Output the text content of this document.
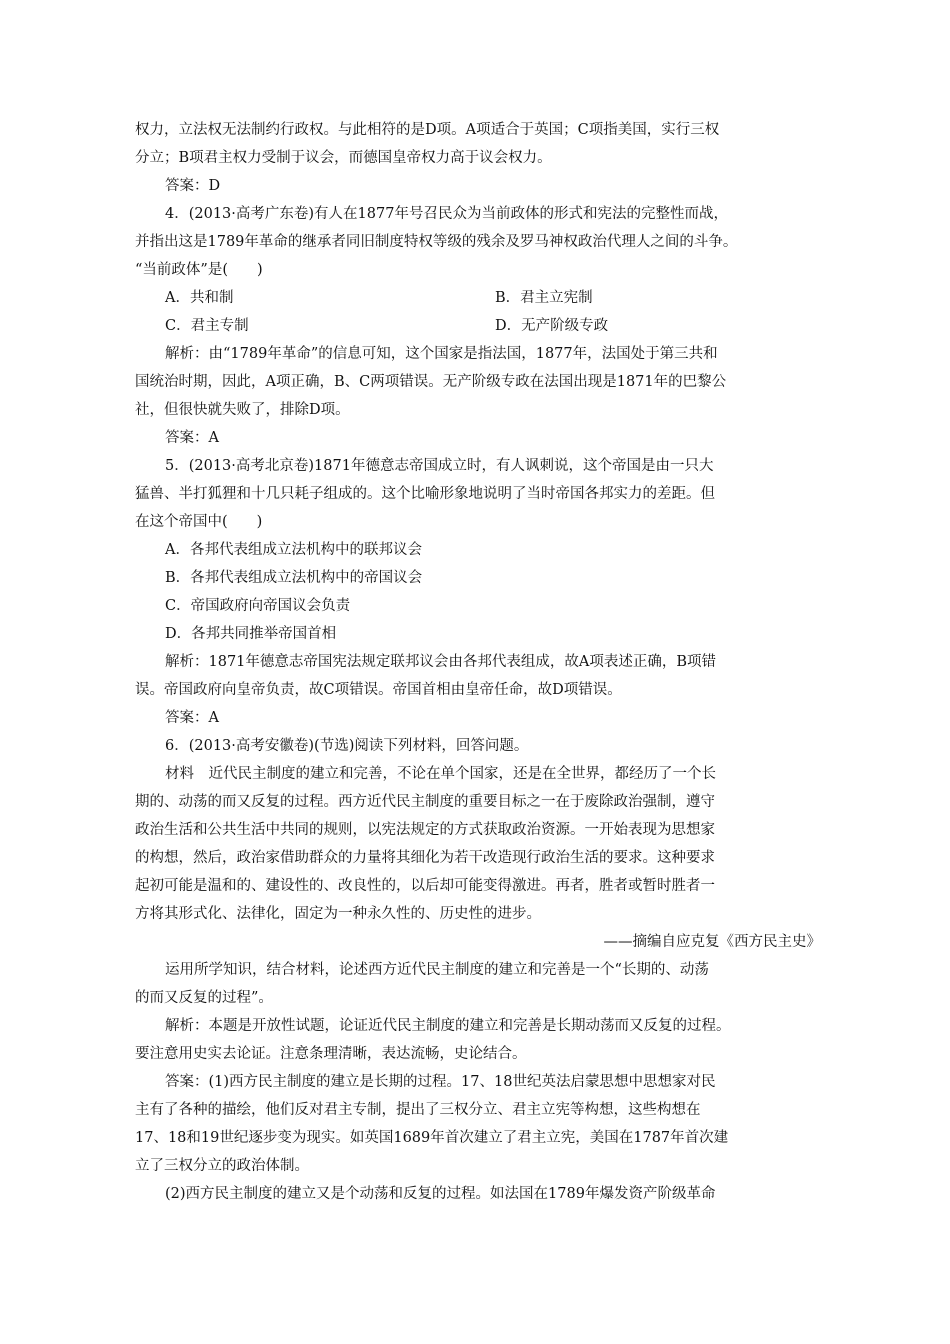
权力，立法权无法制约行政权。与此相符的是D项。A项适合于英国；C项指美国，实行三权
分立；B项君主权力受制于议会，而德国皇帝权力高于议会权力。
答案：D
4．(2013·高考广东卷)有人在1877年号召民众为当前政体的形式和宪法的完整性而战，
并指出这是1789年革命的继承者同旧制度特权等级的残余及罗马神权政治代理人之间的斗争。
“当前政体”是(　　)
A．共和制	B．君主立宪制
C．君主专制	D．无产阶级专政
解析：由“1789年革命”的信息可知，这个国家是指法国，1877年，法国处于第三共和
国统治时期，因此，A项正确，B、C两项错误。无产阶级专政在法国出现是1871年的巴黎公
社，但很快就失败了，排除D项。
答案：A
5．(2013·高考北京卷)1871年德意志帝国成立时，有人讽刺说，这个帝国是由一只大
猛兽、半打狐狸和十几只耗子组成的。这个比喻形象地说明了当时帝国各邦实力的差距。但
在这个帝国中(　　)
A．各邦代表组成立法机构中的联邦议会
B．各邦代表组成立法机构中的帝国议会
C．帝国政府向帝国议会负责
D．各邦共同推举帝国首相
解析：1871年德意志帝国宪法规定联邦议会由各邦代表组成，故A项表述正确，B项错
误。帝国政府向皇帝负责，故C项错误。帝国首相由皇帝任命，故D项错误。
答案：A
6．(2013·高考安徽卷)(节选)阅读下列材料，回答问题。
材料　近代民主制度的建立和完善，不论在单个国家，还是在全世界，都经历了一个长
期的、动荡的而又反复的过程。西方近代民主制度的重要目标之一在于废除政治强制，遵守
政治生活和公共生活中共同的规则，以宪法规定的方式获取政治资源。一开始表现为思想家
的构想，然后，政治家借助群众的力量将其细化为若干改造现行政治生活的要求。这种要求
起初可能是温和的、建设性的、改良性的，以后却可能变得激进。再者，胜者或暂时胜者一
方将其形式化、法律化，固定为一种永久性的、历史性的进步。
——摘编自应克复《西方民主史》
运用所学知识，结合材料，论述西方近代民主制度的建立和完善是一个“长期的、动荡
的而又反复的过程”。
解析：本题是开放性试题，论证近代民主制度的建立和完善是长期动荡而又反复的过程。
要注意用史实去论证。注意条理清晰，表达流畅，史论结合。
答案：(1)西方民主制度的建立是长期的过程。17、18世纪英法启蒙思想中思想家对民
主有了各种的描绘，他们反对君主专制，提出了三权分立、君主立宪等构想，这些构想在
17、18和19世纪逐步变为现实。如英国1689年首次建立了君主立宪，美国在1787年首次建
立了三权分立的政治体制。
(2)西方民主制度的建立又是个动荡和反复的过程。如法国在1789年爆发资产阶级革命
